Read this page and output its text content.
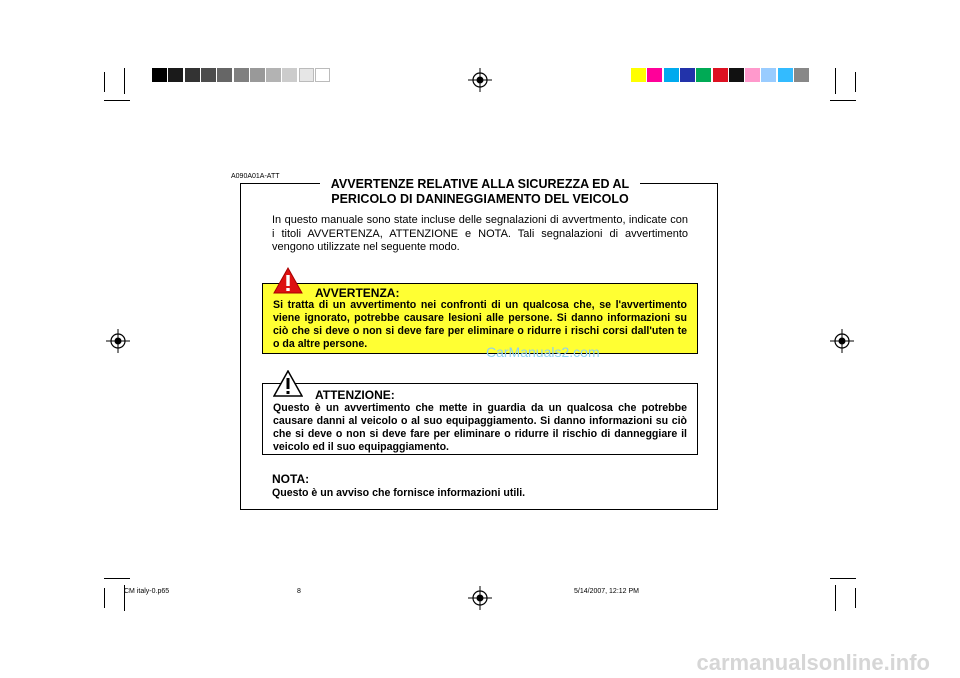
A090A01A-ATT
AVVERTENZE RELATIVE ALLA SICUREZZA ED AL
PERICOLO DI DANINEGGIAMENTO DEL VEICOLO
In questo manuale sono state incluse delle segnalazioni di avvertmento, indicate con i titoli AVVERTENZA, ATTENZIONE e NOTA. Tali segnalazioni di avvertimento vengono utilizzate nel seguente modo.
AVVERTENZA:
Si tratta di un avvertimento nei confronti di un qualcosa che, se l'avvertimento viene ignorato, potrebbe causare lesioni alle persone. Si danno informazioni su ciò che si deve o non si deve fare per eliminare o ridurre i rischi corsi dall'uten te o da altre persone.
ATTENZIONE:
Questo è un avvertimento che mette in guardia da un qualcosa che potrebbe causare danni al veicolo o al suo equipaggiamento. Si danno informazioni su ciò che si deve o non si deve fare per eliminare o ridurre il rischio di danneggiare il veicolo ed il suo equipaggiamento.
NOTA:
Questo è un avviso che fornisce informazioni utili.
CarManuals2.com
carmanualsonline.info
CM italy-0.p65	8	5/14/2007, 12:12 PM
